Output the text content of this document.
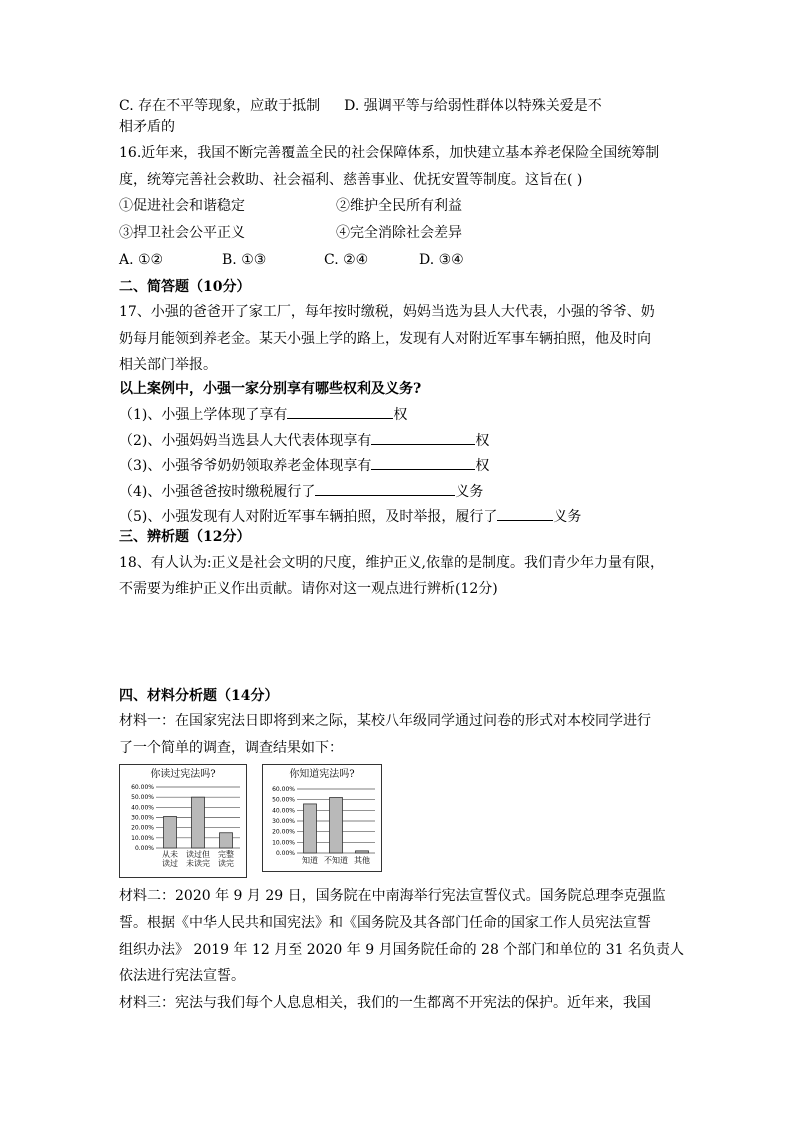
C. 存在不平等现象，应敢于抵制 D. 强调平等与给弱性群体以特殊关爱是不
相矛盾的
16.近年来，我国不断完善覆盖全民的社会保障体系，加快建立基本养老保险全国统筹制
度，统筹完善社会救助、社会福利、慈善事业、优抚安置等制度。这旨在( )
①促进社会和谐稳定	②维护全民所有利益
③捍卫社会公平正义	④完全消除社会差异
A. ①②	B. ①③	C. ②④	D. ③④
二、简答题（10分）
17、小强的爸爸开了家工厂，每年按时缴税，妈妈当选为县人大代表，小强的爷爷、奶
奶每月能领到养老金。某天小强上学的路上，发现有人对附近军事车辆拍照，他及时向
相关部门举报。
以上案例中，小强一家分别享有哪些权利及义务?
（1)、小强上学体现了享有	权
（2)、小强妈妈当选县人大代表体现享有	权
（3)、小强爷爷奶奶领取养老金体现享有	权
（4)、小强爸爸按时缴税履行了	义务
（5)、小强发现有人对附近军事车辆拍照，及时举报，履行了	义务
三、辨析题（12分）
18、有人认为:正义是社会文明的尺度，维护正义,依靠的是制度。我们青少年力量有限，
不需要为维护正义作出贡献。请你对这一观点进行辨析(12分)
四、材料分析题（14分）
材料一：在国家宪法日即将到来之际，某校八年级同学通过问卷的形式对本校同学进行
了一个简单的调查，调查结果如下：
你读过宪法吗?
0.00%
10.00%
20.00%
30.00%
40.00%
50.00%
60.00%
从未
读过
读过但
未读完
完整
读完
你知道宪法吗?
0.00%
10.00%
20.00%
30.00%
40.00%
50.00%
60.00%
知道 不知道 其他
材料二：2020 年 9 月 29 日，国务院在中南海举行宪法宣誓仪式。国务院总理李克强监
誓。根据《中华人民共和国宪法》和《国务院及其各部门任命的国家工作人员宪法宣誓
组织办法》 2019 年 12 月至 2020 年 9 月国务院任命的 28 个部门和单位的 31 名负责人
依法进行宪法宣誓。
材料三：宪法与我们每个人息息相关，我们的一生都离不开宪法的保护。近年来，我国
